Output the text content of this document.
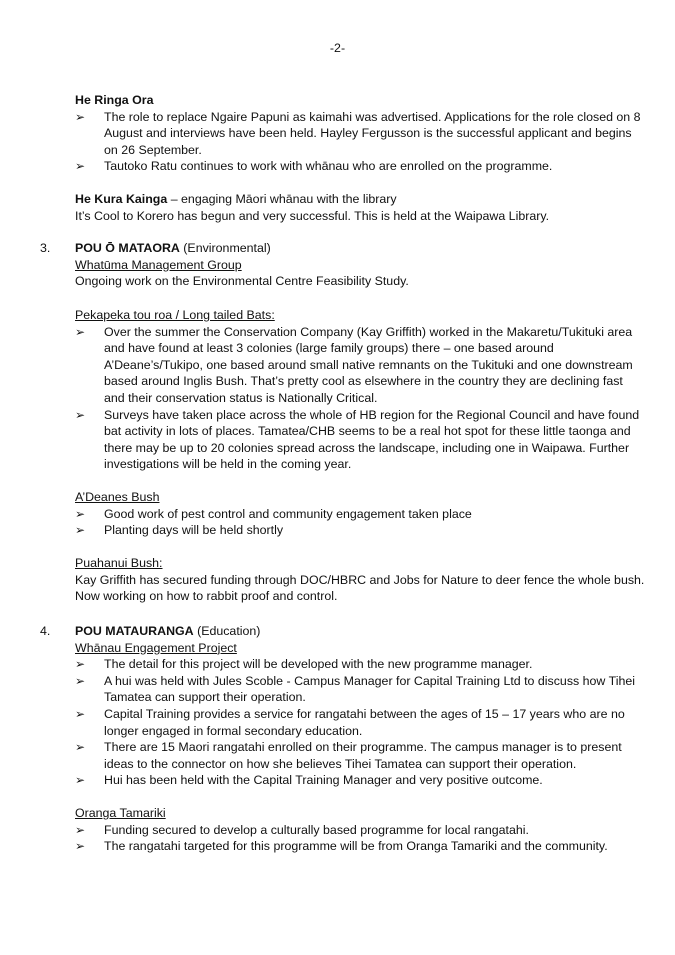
-2-

He Ringa Ora

➢ The role to replace Ngaire Papuni as kaimahi was advertised. Applications for the role closed on 8 August and interviews have been held. Hayley Fergusson is the successful applicant and begins on 26 September.
➢ Tautoko Ratu continues to work with whānau who are enrolled on the programme.

He Kura Kainga – engaging Māori whānau with the library

It’s Cool to Korero has begun and very successful. This is held at the Waipawa Library.

3. POU Ō MATAORA (Environmental)

Whatūma Management Group

Ongoing work on the Environmental Centre Feasibility Study.

Pekapeka tou roa / Long tailed Bats:

➢ Over the summer the Conservation Company (Kay Griffith) worked in the Makaretu/Tukituki area and have found at least 3 colonies (large family groups) there – one based around A’Deane’s/Tukipo, one based around small native remnants on the Tukituki and one downstream based around Inglis Bush. That’s pretty cool as elsewhere in the country they are declining fast and their conservation status is Nationally Critical.
➢ Surveys have taken place across the whole of HB region for the Regional Council and have found bat activity in lots of places. Tamatea/CHB seems to be a real hot spot for these little taonga and there may be up to 20 colonies spread across the landscape, including one in Waipawa. Further investigations will be held in the coming year.

A’Deanes Bush

➢ Good work of pest control and community engagement taken place
➢ Planting days will be held shortly

Puahanui Bush:

Kay Griffith has secured funding through DOC/HBRC and Jobs for Nature to deer fence the whole bush. Now working on how to rabbit proof and control.

4. POU MATAURANGA (Education)

Whānau Engagement Project

➢ The detail for this project will be developed with the new programme manager.
➢ A hui was held with Jules Scoble - Campus Manager for Capital Training Ltd to discuss how Tihei Tamatea can support their operation.
➢ Capital Training provides a service for rangatahi between the ages of 15 – 17 years who are no longer engaged in formal secondary education.
➢ There are 15 Maori rangatahi enrolled on their programme. The campus manager is to present ideas to the connector on how she believes Tihei Tamatea can support their operation.
➢ Hui has been held with the Capital Training Manager and very positive outcome.

Oranga Tamariki

➢ Funding secured to develop a culturally based programme for local rangatahi.
➢ The rangatahi targeted for this programme will be from Oranga Tamariki and the community.
